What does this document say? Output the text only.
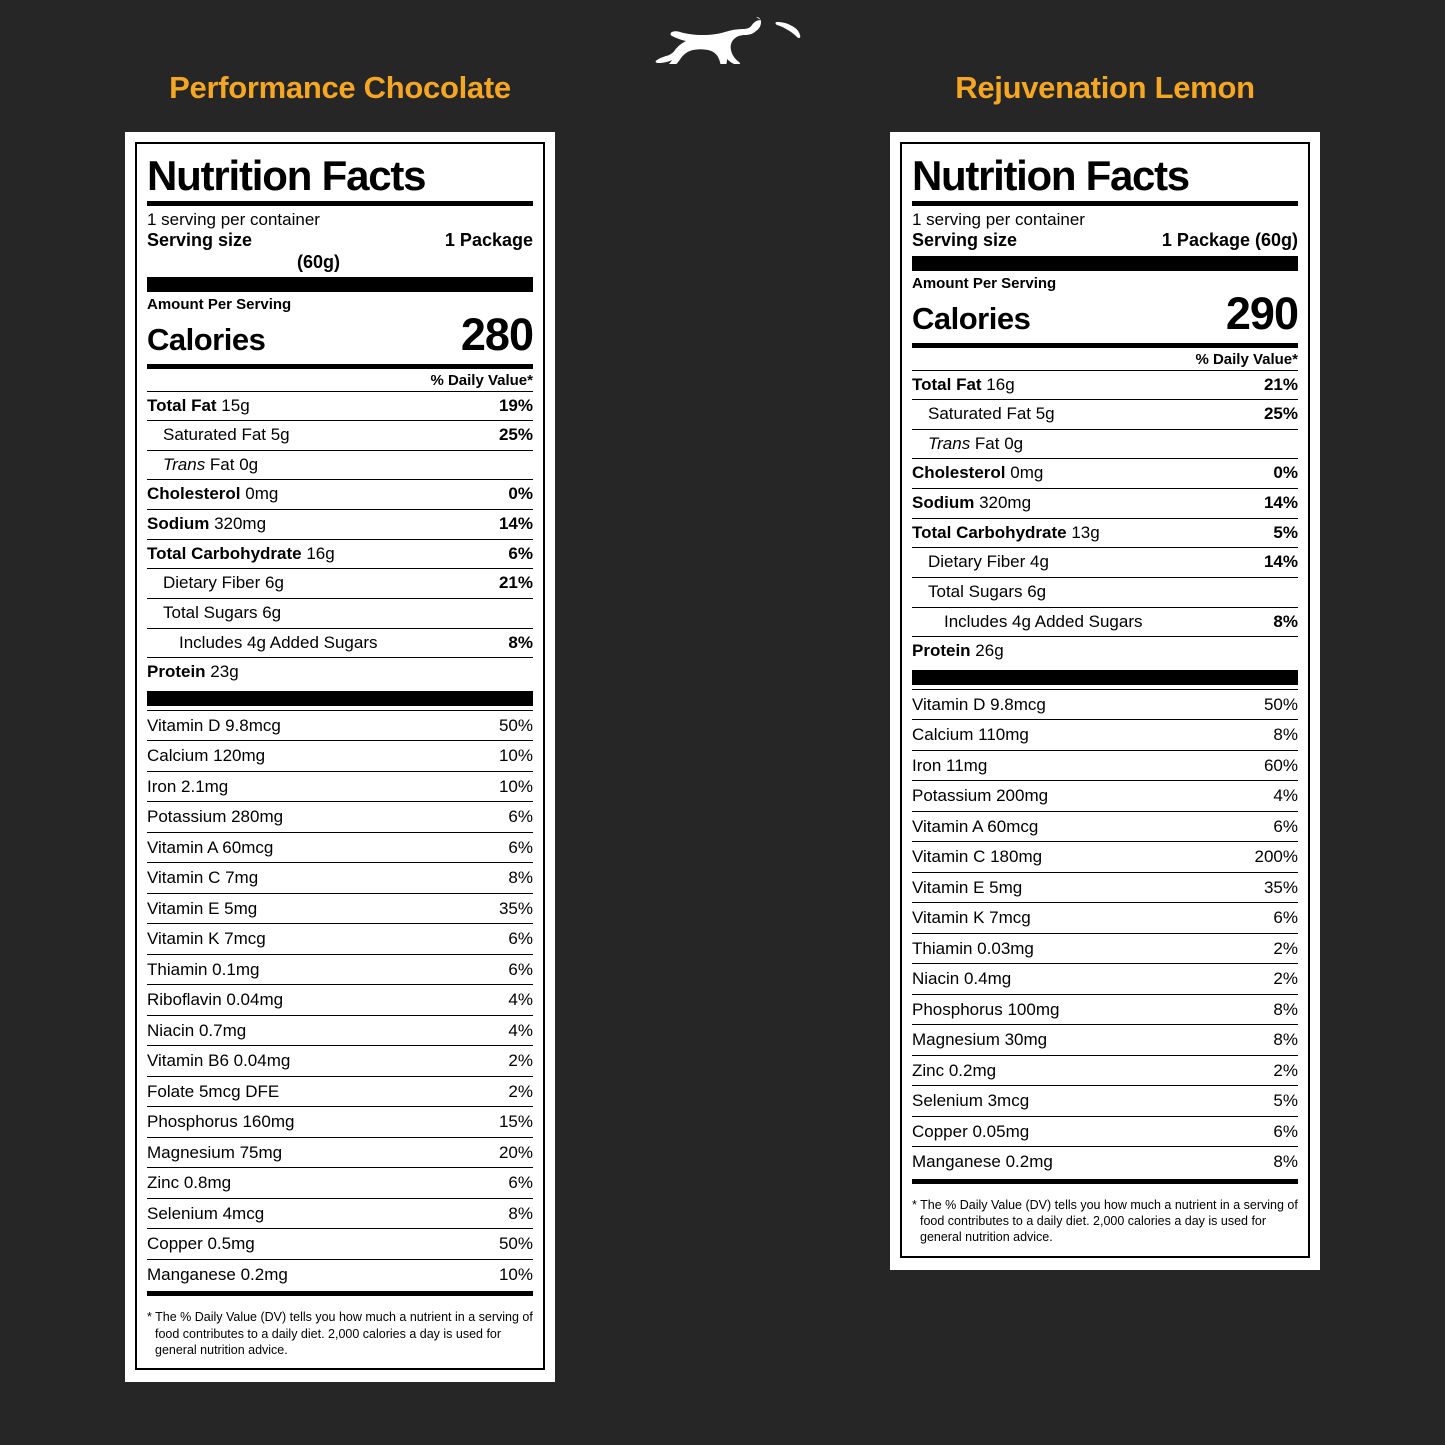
Performance Chocolate
Nutrition Facts
1 serving per container
Serving size	1 Package
(60g)
Amount Per Serving
Calories	280
% Daily Value*
Total Fat 15g	19%
Saturated Fat 5g	25%
Trans Fat 0g
Cholesterol 0mg	0%
Sodium 320mg	14%
Total Carbohydrate 16g	6%
Dietary Fiber 6g	21%
Total Sugars 6g
Includes 4g Added Sugars	8%
Protein 23g
Vitamin D 9.8mcg	50%
Calcium 120mg	10%
Iron 2.1mg	10%
Potassium 280mg	6%
Vitamin A 60mcg	6%
Vitamin C 7mg	8%
Vitamin E 5mg	35%
Vitamin K 7mcg	6%
Thiamin 0.1mg	6%
Riboflavin 0.04mg	4%
Niacin 0.7mg	4%
Vitamin B6 0.04mg	2%
Folate 5mcg DFE	2%
Phosphorus 160mg	15%
Magnesium 75mg	20%
Zinc 0.8mg	6%
Selenium 4mcg	8%
Copper 0.5mg	50%
Manganese 0.2mg	10%
* The % Daily Value (DV) tells you how much a nutrient in a serving of food contributes to a daily diet. 2,000 calories a day is used for general nutrition advice.
Rejuvenation Lemon
Nutrition Facts
1 serving per container
Serving size	1 Package (60g)
Amount Per Serving
Calories	290
% Daily Value*
Total Fat 16g	21%
Saturated Fat 5g	25%
Trans Fat 0g
Cholesterol 0mg	0%
Sodium 320mg	14%
Total Carbohydrate 13g	5%
Dietary Fiber 4g	14%
Total Sugars 6g
Includes 4g Added Sugars	8%
Protein 26g
Vitamin D 9.8mcg	50%
Calcium 110mg	8%
Iron 11mg	60%
Potassium 200mg	4%
Vitamin A 60mcg	6%
Vitamin C 180mg	200%
Vitamin E 5mg	35%
Vitamin K 7mcg	6%
Thiamin 0.03mg	2%
Niacin 0.4mg	2%
Phosphorus 100mg	8%
Magnesium 30mg	8%
Zinc 0.2mg	2%
Selenium 3mcg	5%
Copper 0.05mg	6%
Manganese 0.2mg	8%
* The % Daily Value (DV) tells you how much a nutrient in a serving of food contributes to a daily diet. 2,000 calories a day is used for general nutrition advice.
